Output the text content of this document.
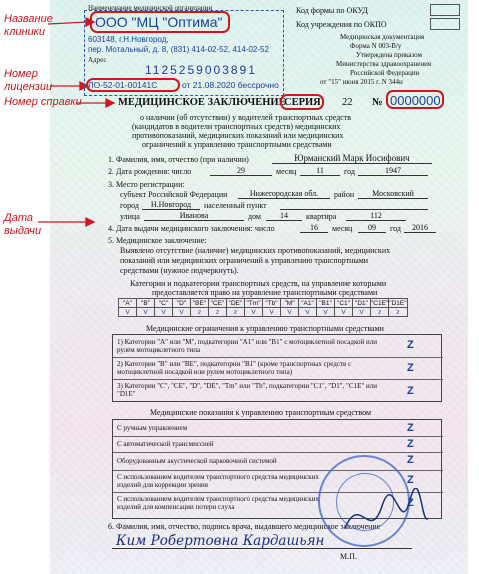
Название клиники
Номер лицензии
Номер справки
Дата выдачи
Наименование медицинской организации
ООО "МЦ "Оптима"
603148, г.Н.Новгород,
пер. Мотальный, д. 8, (831) 414-02-52, 414-02-52
Адрес
1125259003891
ЛО-52-01-00141С	от 21.08.2020 бессрочно
Код формы по ОКУД
Код учреждения по ОКПО
Медицинская документация
Форма N 003-В/у
Утверждена приказом
Министерства здравоохранения
Российской Федерации
от "15" июня 2015 г. N 344н
МЕДИЦИНСКОЕ ЗАКЛЮЧЕНИЕ
СЕРИЯ 22 № 0000000
о наличии (об отсутствии) у водителей транспортных средств
(кандидатов в водители транспортных средств) медицинских
противопоказаний, медицинских показаний или медицинских
ограничений к управлению транспортными средствами
1. Фамилия, имя, отчество (при наличии)	Юрманский Марк Иосифович
2. Дата рождения: число	29	месяц	11	год	1947
3. Место регистрации:
субъект Российской Федерации	Нижегородская обл.	район	Московский
город	Н.Новгород	населенный пункт
улица	Иванова	дом	14	квартира	112
4. Дата выдачи медицинского заключения: число	16	месяц	09	год	2016
5. Медицинское заключение:
Выявлено отсутствие (наличие) медицинских противопоказаний, медицинских
показаний или медицинских ограничений к управлению транспортными
средствами (нужное подчеркнуть).
Категории и подкатегории транспортных средств, на управление которыми
предоставляется право на управление транспортными средствами
"A"	"B"	"C"	"D"	"BE"	"CE"	"DE"	"Tm"	"Tb"	"M"	"A1"	"B1"	"C1"	"D1"	"C1E"	"D1E"
V	V	V	V	z	z	z	V	V	V	V	V	V	V	z	z
Медицинские ограничения к управлению транспортными средствами
1) Категории "A" или "M", подкатегории "A1" или "B1" с мотоциклетной посадкой или рулем мотоциклетного типа	Z
2) Категории "B" или "BE", подкатегории "B1" (кроме транспортных средств с мотоциклетной посадкой или рулем мотоциклетного типа)	Z
3) Категории "C", "CE", "D", "DE", "Tm" или "Tb", подкатегории "C1", "D1", "C1E" или "D1E"	Z
Медицинские показания к управлению транспортным средством
С ручным управлением	Z
С автоматической трансмиссией	Z
Оборудованным акустической парковочной системой	Z
С использованием водителем транспортного средства медицинских изделий для коррекции зрения	Z
С использованием водителем транспортного средства медицинских изделий для компенсации потери слуха	Z
6. Фамилия, имя, отчество, подпись врача, выдавшего медицинское заключение
Ким Робертовна Кардашьян
М.П.
